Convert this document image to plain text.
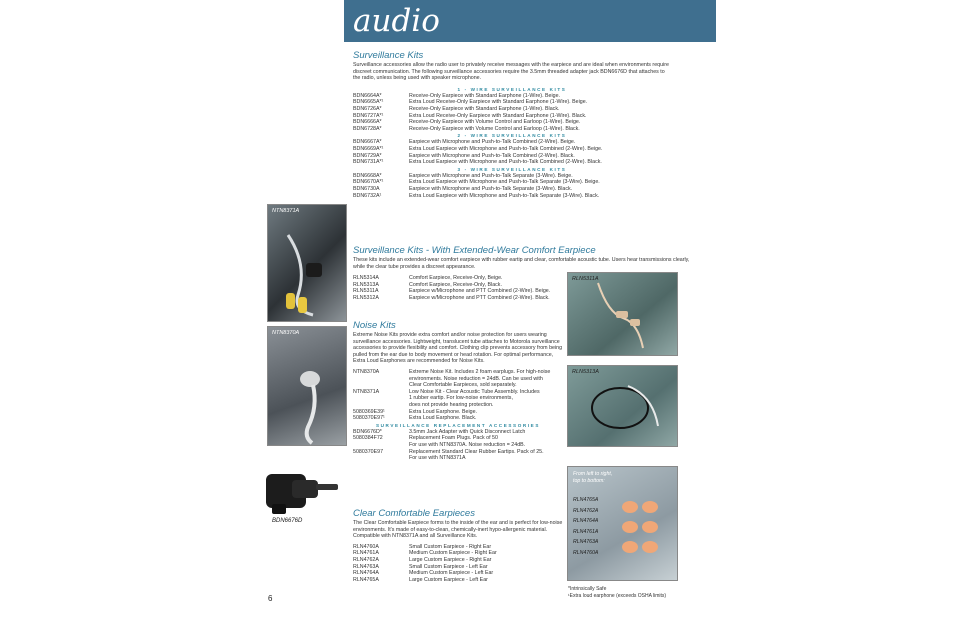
audio
NTN8371A
NTN8370A
BDN6676D

Surveillance Kits

Surveillance accessories allow the radio user to privately receive messages with the earpiece and are ideal when environments require discreet communication. The following surveillance accessories require the 3.5mm threaded adapter jack BDN6676D that attaches to the radio, unless being used with speaker microphone.

1 - WIRE SURVEILLANCE KITS
BDN6664A*	Receive-Only Earpiece with Standard Earphone (1-Wire). Beige.
BDN6665A*¹	Extra Loud Receive-Only Earpiece with Standard Earphone (1-Wire). Beige.
BDN6726A*	Receive-Only Earpiece with Standard Earphone (1-Wire). Black.
BDN6727A*¹	Extra Loud Receive-Only Earpiece with Standard Earphone (1-Wire). Black.
BDN6666A*	Receive-Only Earpiece with Volume Control and Earloop (1-Wire). Beige.
BDN6728A*	Receive-Only Earpiece with Volume Control and Earloop (1-Wire). Black.
2 - WIRE SURVEILLANCE KITS
BDN6667A*	Earpiece with Microphone and Push-to-Talk Combined (2-Wire). Beige.
BDN6669A*¹	Extra Loud Earpiece with Microphone and Push-to-Talk Combined (2-Wire). Beige.
BDN6729A*	Earpiece with Microphone and Push-to-Talk Combined (2-Wire). Black.
BDN6731A*¹	Extra Loud Earpiece with Microphone and Push-to-Talk Combined (2-Wire). Black.
3 - WIRE SURVEILLANCE KITS
BDN6668A*	Earpiece with Microphone and Push-to-Talk Separate (3-Wire). Beige.
BDN6670A*¹	Extra Loud Earpiece with Microphone and Push-to-Talk Separate (3-Wire). Beige.
BDN6730A	Earpiece with Microphone and Push-to-Talk Separate (3-Wire). Black.
BDN6732A¹	Extra Loud Earpiece with Microphone and Push-to-Talk Separate (3-Wire). Black.

Surveillance Kits - With Extended-Wear Comfort Earpiece

These kits include an extended-wear comfort earpiece with rubber eartip and clear, comfortable acoustic tube. Users hear transmissions clearly, while the clear tube provides a discreet appearance.

RLN5314A	Comfort Earpiece, Receive-Only, Beige.
RLN5313A	Comfort Earpiece, Receive-Only, Black.
RLN5311A	Earpiece w/Microphone and PTT Combined (2-Wire). Beige.
RLN5312A	Earpiece w/Microphone and PTT Combined (2-Wire). Black.

Noise Kits

Extreme Noise Kits provide extra comfort and/or noise protection for users wearing surveillance accessories. Lightweight, translucent tube attaches to Motorola surveillance accessories to provide flexibility and comfort. Clothing clip prevents accessory from being pulled from the ear due to body movement or head rotation. For optimal performance, Extra Loud Earphones are recommended for Noise Kits.

NTN8370A	Extreme Noise Kit. Includes 2 foam earplugs. For high-noise
environments. Noise reduction = 24dB. Can be used with
Clear Comfortable Earpieces, sold separately.
NTN8371A	Low Noise Kit - Clear Acoustic Tube Assembly. Includes
1 rubber eartip. For low-noise environments,
does not provide hearing protection.
5080369E39¹	Extra Loud Earphone. Beige.
5080370E97¹	Extra Loud Earphone. Black.
SURVEILLANCE REPLACEMENT ACCESSORIES
BDN6676D*	3.5mm Jack Adapter with Quick Disconnect Latch
5080384F72	Replacement Foam Plugs. Pack of 50
For use with NTN8370A. Noise reduction = 24dB.
5080370E97	Replacement Standard Clear Rubber Eartips. Pack of 25.
For use with NTN8371A

Clear Comfortable Earpieces

The Clear Comfortable Earpiece forms to the inside of the ear and is perfect for low-noise environments. It's made of easy-to-clean, chemically-inert hypo-allergenic material. Compatible with NTN8371A and all Surveillance Kits.

RLN4760A	Small Custom Earpiece - Right Ear
RLN4761A	Medium Custom Earpiece - Right Ear
RLN4762A	Large Custom Earpiece - Right Ear
RLN4763A	Small Custom Earpiece - Left Ear
RLN4764A	Medium Custom Earpiece - Left Ear
RLN4765A	Large Custom Earpiece - Left Ear
RLN5311A
RLN5313A
From left to right,
top to bottom:
RLN4765A
RLN4762A
RLN4764A
RLN4761A
RLN4763A
RLN4760A
6
*Intrinsically Safe
¹Extra loud earphone (exceeds OSHA limits)
